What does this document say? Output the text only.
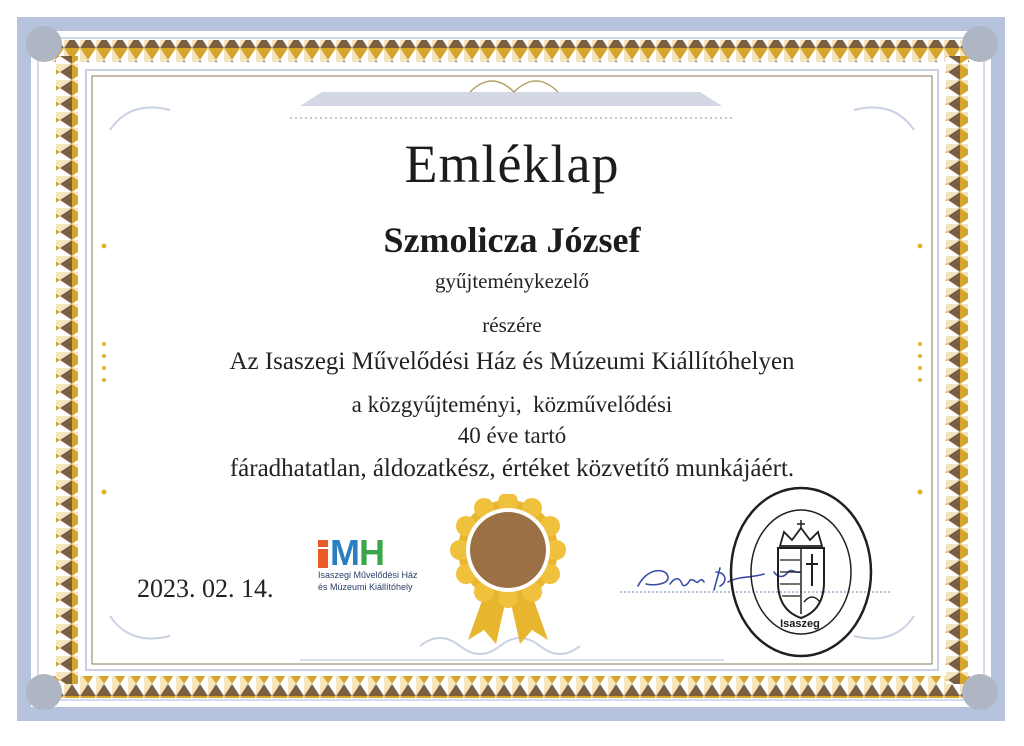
Emléklap
Szmolicza József
gyűjteménykezelő
részére
Az Isaszegi Művelődési Ház és Múzeumi Kiállítóhelyen
a közgyűjteményi,  közművelődési
40 éve tartó
fáradhatatlan, áldozatkész, értéket közvetítő munkájáért.
2023. 02. 14.
M H
Isaszegi Művelődési Ház
és Múzeumi Kiállítóhely
Isaszeg
